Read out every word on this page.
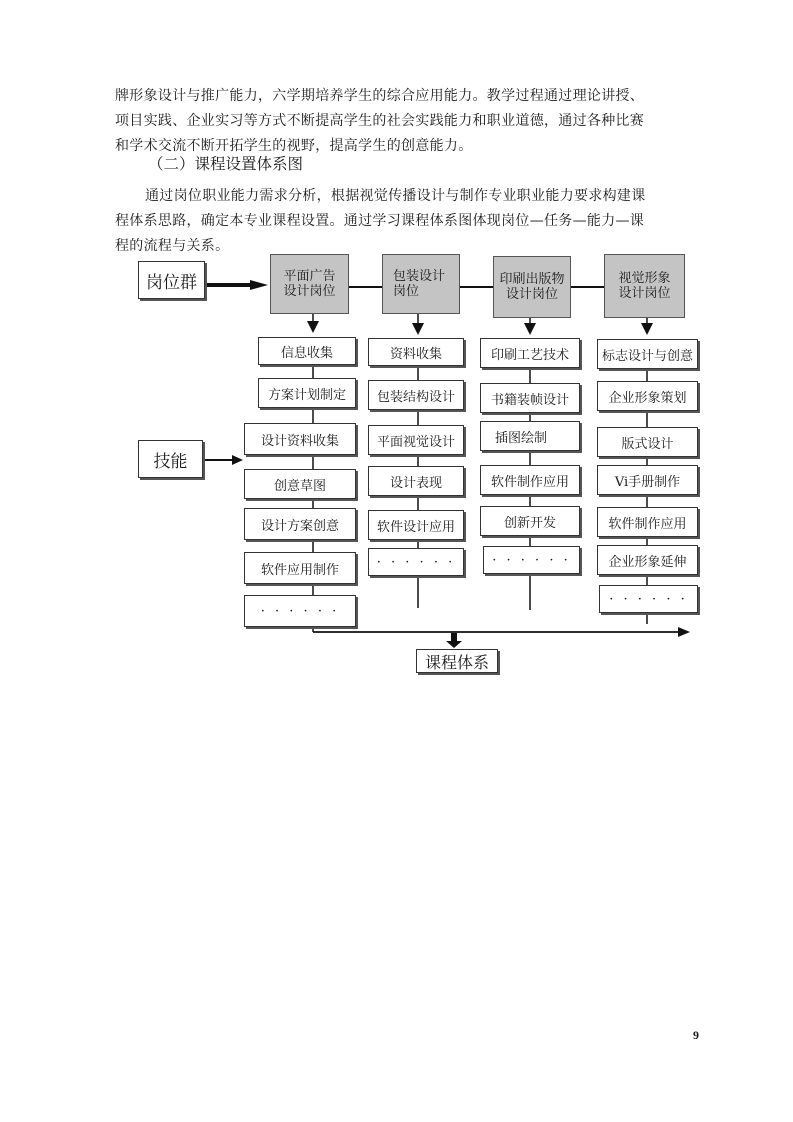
牌形象设计与推广能力，六学期培养学生的综合应用能力。教学过程通过理论讲授、
项目实践、企业实习等方式不断提高学生的社会实践能力和职业道德，通过各种比赛
和学术交流不断开拓学生的视野，提高学生的创意能力。
（二）课程设置体系图
通过岗位职业能力需求分析，根据视觉传播设计与制作专业职业能力要求构建课
程体系思路，确定本专业课程设置。通过学习课程体系图体现岗位—任务—能力—课
程的流程与关系。
岗位群
技能
平面广告
设计岗位
包装设计
岗位
印刷出版物
设计岗位
视觉形象
设计岗位
信息收集
方案计划制定
设计资料收集
创意草图
设计方案创意
软件应用制作
· · · · · ·
资料收集
包装结构设计
平面视觉设计
设计表现
软件设计应用
· · · · · ·
印刷工艺技术
书籍装帧设计
插图绘制
软件制作应用
创新开发
· · · · · ·
标志设计与创意
企业形象策划
版式设计
Vi手册制作
软件制作应用
企业形象延伸
· · · · · ·
课程体系
9
